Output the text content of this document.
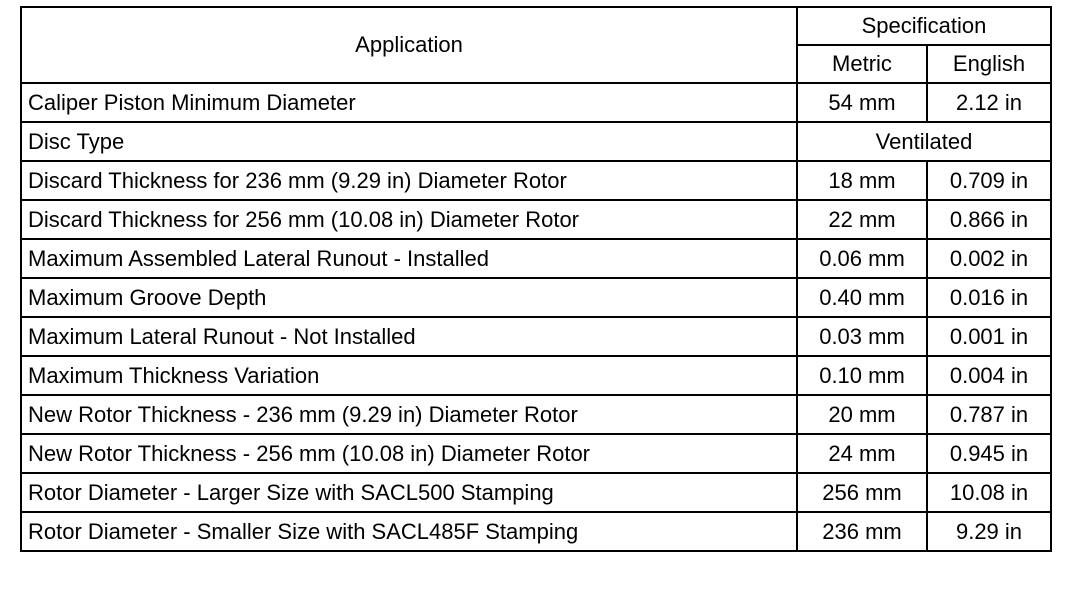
Application	Specification	
	Metric	English
Caliper Piston Minimum Diameter	54 mm	2.12 in
Disc Type	Ventilated	
Discard Thickness for 236 mm (9.29 in) Diameter Rotor	18 mm	0.709 in
Discard Thickness for 256 mm (10.08 in) Diameter Rotor	22 mm	0.866 in
Maximum Assembled Lateral Runout - Installed	0.06 mm	0.002 in
Maximum Groove Depth	0.40 mm	0.016 in
Maximum Lateral Runout - Not Installed	0.03 mm	0.001 in
Maximum Thickness Variation	0.10 mm	0.004 in
New Rotor Thickness - 236 mm (9.29 in) Diameter Rotor	20 mm	0.787 in
New Rotor Thickness - 256 mm (10.08 in) Diameter Rotor	24 mm	0.945 in
Rotor Diameter - Larger Size with SACL500 Stamping	256 mm	10.08 in
Rotor Diameter - Smaller Size with SACL485F Stamping	236 mm	9.29 in
